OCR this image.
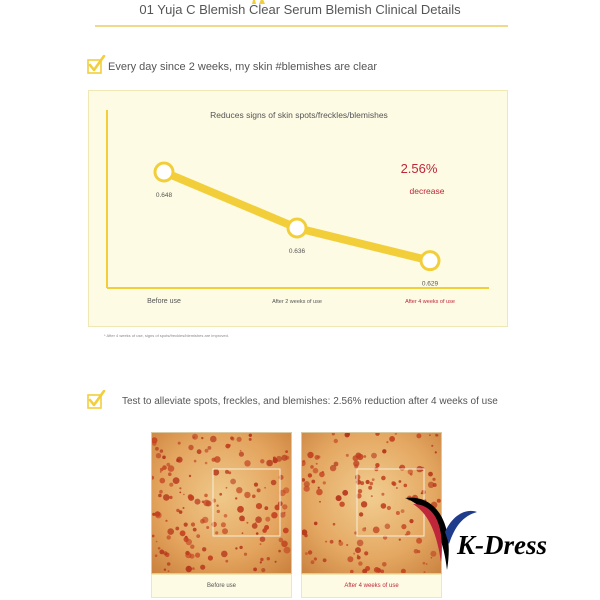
01 Yuja C Blemish Clear Serum Blemish Clinical Details
Every day since 2 weeks, my skin #blemishes are clear
Reduces signs of skin spots/freckles/blemishes
0.648
Before use
0.636
After 2 weeks of use
0.629
After 4 weeks of use
2.56%
decrease
* After 4 weeks of use, signs of spots/freckles/blemishes are improved.
Test to alleviate spots, freckles, and blemishes: 2.56% reduction after 4 weeks of use
Before use	After 4 weeks of use
K-Dress
